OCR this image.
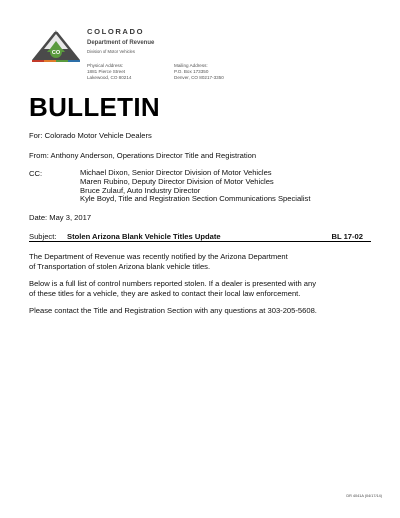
CDOR
CO
COLORADO
Department of Revenue
Division of Motor Vehicles
Physical Address:
1881 Pierce Street
Lakewood, CO 80214
Mailing Address:
P.O. Box 173350
Denver, CO 80217-3350
BULLETIN
For: Colorado Motor Vehicle Dealers
From: Anthony Anderson, Operations Director Title and Registration
CC:	Michael Dixon, Senior Director Division of Motor Vehicles
Maren Rubino, Deputy Director Division of Motor Vehicles
Bruce Zulauf, Auto Industry Director
Kyle Boyd, Title and Registration Section Communications Specialist
Date: May 3, 2017
Subject: Stolen Arizona Blank Vehicle Titles Update	BL 17-02
The Department of Revenue was recently notified by the Arizona Department
of Transportation of stolen Arizona blank vehicle titles.
Below is a full list of control numbers reported stolen. If a dealer is presented with any
of these titles for a vehicle, they are asked to contact their local law enforcement.
Please contact the Title and Registration Section with any questions at 303-205-5608.
DR 4041A (04/17/14)
